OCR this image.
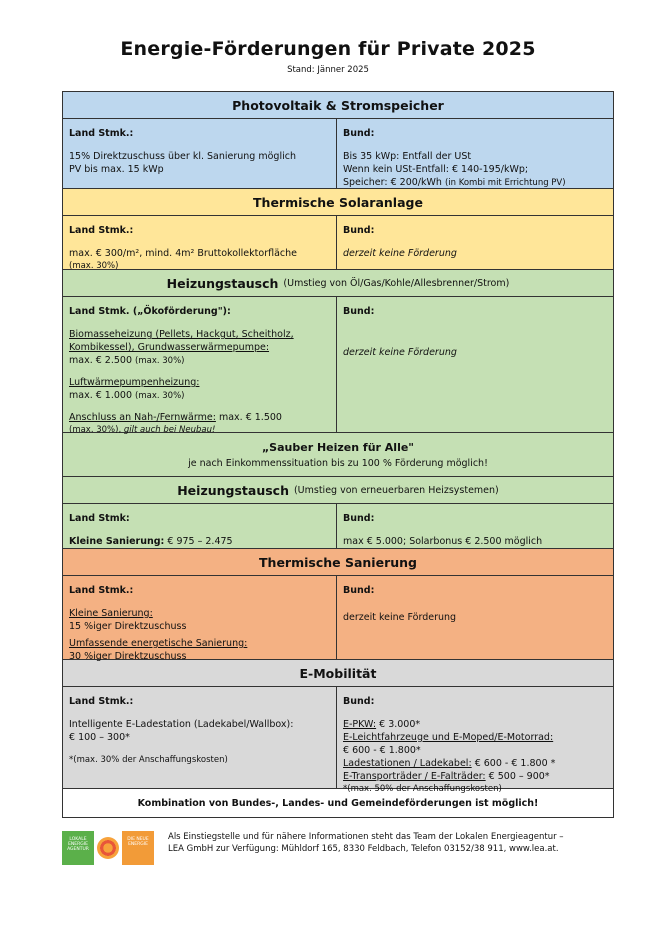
Energie-Förderungen für Private 2025
Stand: Jänner 2025
Photovoltaik & Stromspeicher
Land Stmk.:
15% Direktzuschuss über kl. Sanierung möglich
PV bis max. 15 kWp
Bund:
Bis 35 kWp: Entfall der USt
Wenn kein USt-Entfall: € 140-195/kWp;
Speicher: € 200/kWh (in Kombi mit Errichtung PV)
Thermische Solaranlage
Land Stmk.:
max. € 300/m², mind. 4m² Bruttokollektorfläche
(max. 30%)
Bund:
derzeit keine Förderung
Heizungstausch (Umstieg von Öl/Gas/Kohle/Allesbrenner/Strom)
Land Stmk. („Ökoförderung"):
Biomasseheizung (Pellets, Hackgut, Scheitholz, Kombikessel), Grundwasserwärmepumpe:
max. € 2.500 (max. 30%)
Luftwärmepumpenheizung:
max. € 1.000 (max. 30%)
Anschluss an Nah-/Fernwärme: max. € 1.500
(max. 30%), gilt auch bei Neubau!
Bund:
derzeit keine Förderung
„Sauber Heizen für Alle"
je nach Einkommenssituation bis zu 100 % Förderung möglich!
Heizungstausch (Umstieg von erneuerbaren Heizsystemen)
Land Stmk:
Kleine Sanierung: € 975 – 2.475
Bund:
max € 5.000; Solarbonus € 2.500 möglich
Thermische Sanierung
Land Stmk.:
Kleine Sanierung:
15 %iger Direktzuschuss
Umfassende energetische Sanierung:
30 %iger Direktzuschuss
Bund:
derzeit keine Förderung
E-Mobilität
Land Stmk.:
Intelligente E-Ladestation (Ladekabel/Wallbox):
€ 100 – 300*
*(max. 30% der Anschaffungskosten)
Bund:
E-PKW: € 3.000*
E-Leichtfahrzeuge und E-Moped/E-Motorrad:
€ 600 - € 1.800*
Ladestationen / Ladekabel: € 600 - € 1.800 *
E-Transporträder / E-Falträder: € 500 – 900*
*(max. 50% der Anschaffungskosten)
Kombination von Bundes-, Landes- und Gemeindeförderungen ist möglich!
LOKALE ENERGIE AGENTUR
DIE NEUE ENERGIE
Als Einstiegstelle und für nähere Informationen steht das Team der Lokalen Energieagentur –
LEA GmbH zur Verfügung: Mühldorf 165, 8330 Feldbach, Telefon 03152/38 911, www.lea.at.
